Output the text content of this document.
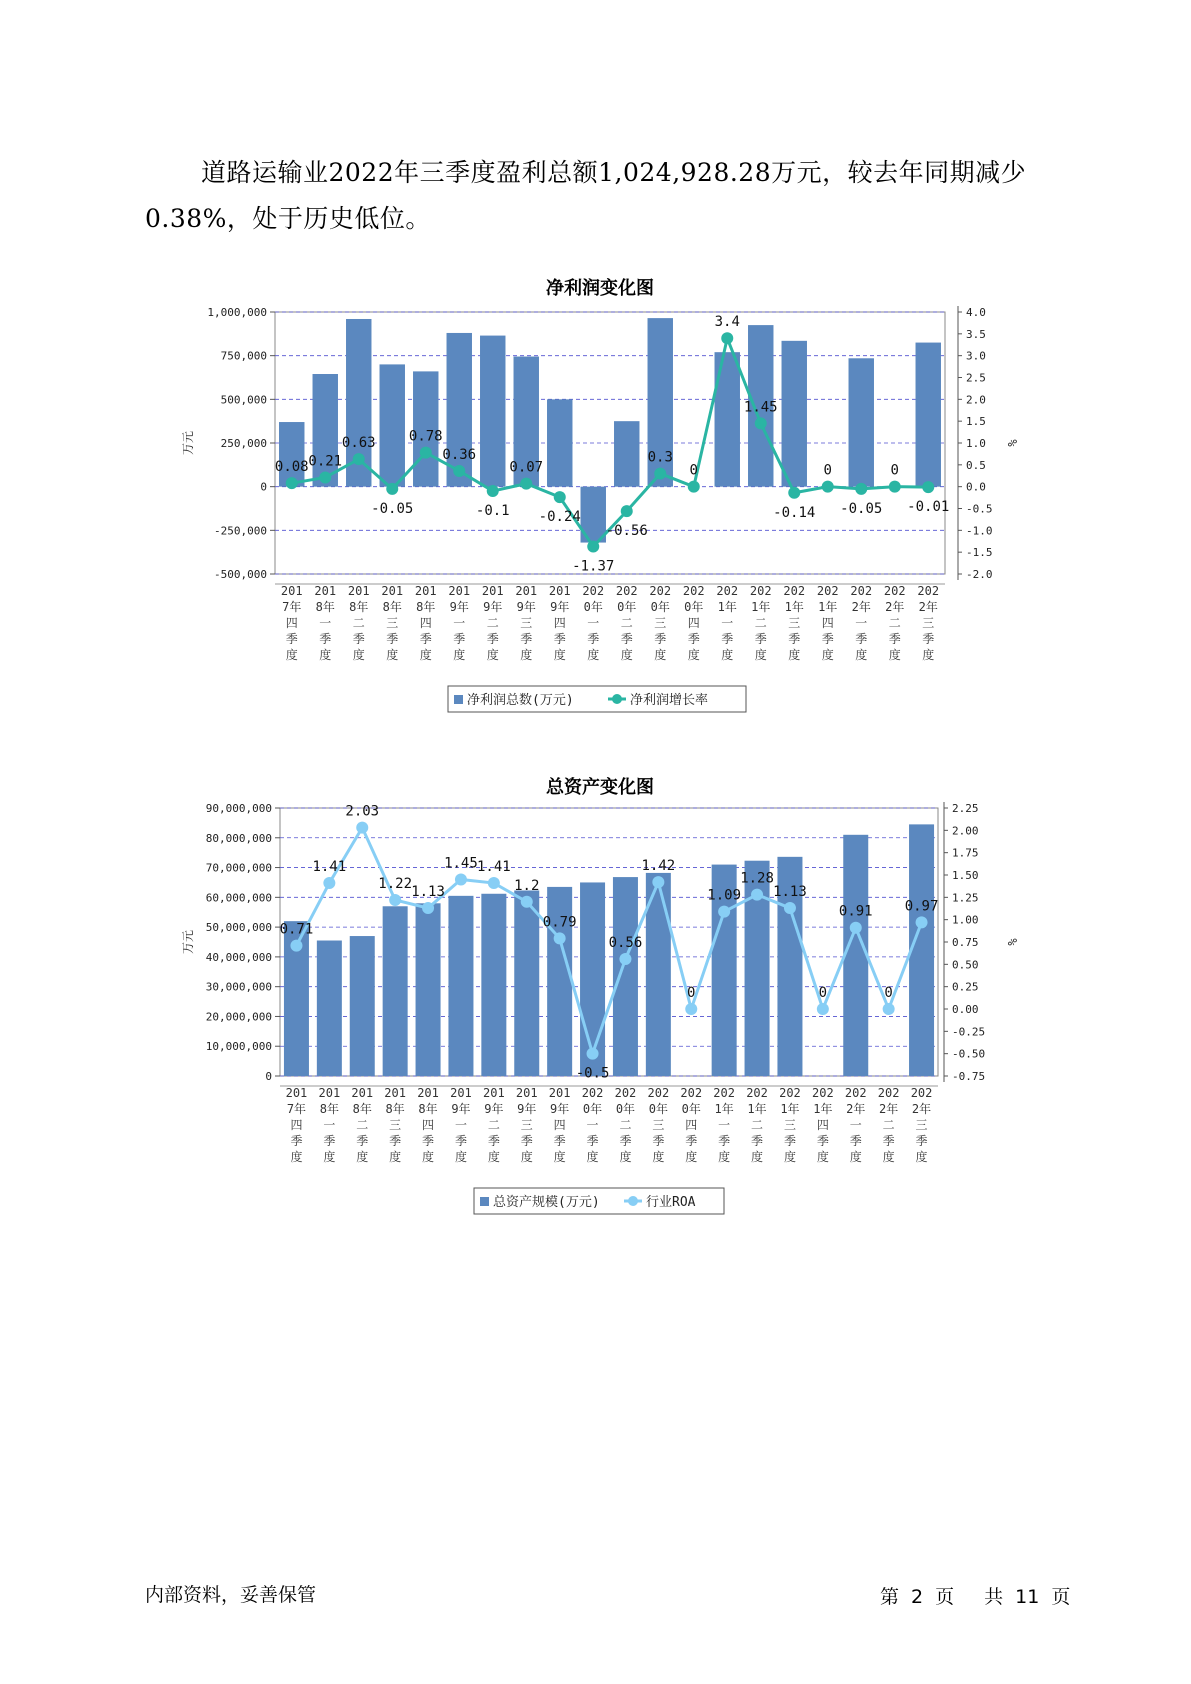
道路运输业2022年三季度盈利总额1,024,928.28万元，较去年同期减少0.38%，处于历史低位。
净利润变化图
1,000,000
750,000
500,000
250,000
0
-250,000
-500,000
4.0
3.5
3.0
2.5
2.0
1.5
1.0
0.5
0.0
-0.5
-1.0
-1.5
-2.0
万元	%
0.08 0.21
0.63
-0.05
0.78
0.36
-0.1
0.07
-0.24
-1.37
-0.56
0.3
0
3.4
1.45
-0.14
0
-0.05
0
-0.01
201 7年四季度
201 8年一季度
201 8年二季度
201 8年三季度
201 8年四季度
201 9年一季度
201 9年二季度
201 9年三季度
201 9年四季度
202 0年一季度
202 0年二季度
202 0年三季度
202 0年四季度
202 1年一季度
202 1年二季度
202 1年三季度
202 1年四季度
202 2年一季度
202 2年二季度
202 2年三季度
净利润总数(万元)	净利润增长率
总资产变化图
90,000,000
80,000,000
70,000,000
60,000,000
50,000,000
40,000,000
30,000,000
20,000,000
10,000,000
0
2.25
2.00
1.75
1.50
1.25
1.00
0.75
0.50
0.25
0.00
-0.25
-0.50
-0.75
万元	%
0.71
1.41
2.03
1.22
1.13
1.45 1.41
1.2
0.79
-0.5
0.56
1.42
0
1.09
1.28
1.13
0
0.91
0
0.97
201 7年四季度
201 8年一季度
201 8年二季度
201 8年三季度
201 8年四季度
201 9年一季度
201 9年二季度
201 9年三季度
201 9年四季度
202 0年一季度
202 0年二季度
202 0年三季度
202 0年四季度
202 1年一季度
202 1年二季度
202 1年三季度
202 1年四季度
202 2年一季度
202 2年二季度
202 2年三季度
总资产规模(万元)	行业ROA
内部资料，妥善保管	第 2 页 共 11 页
